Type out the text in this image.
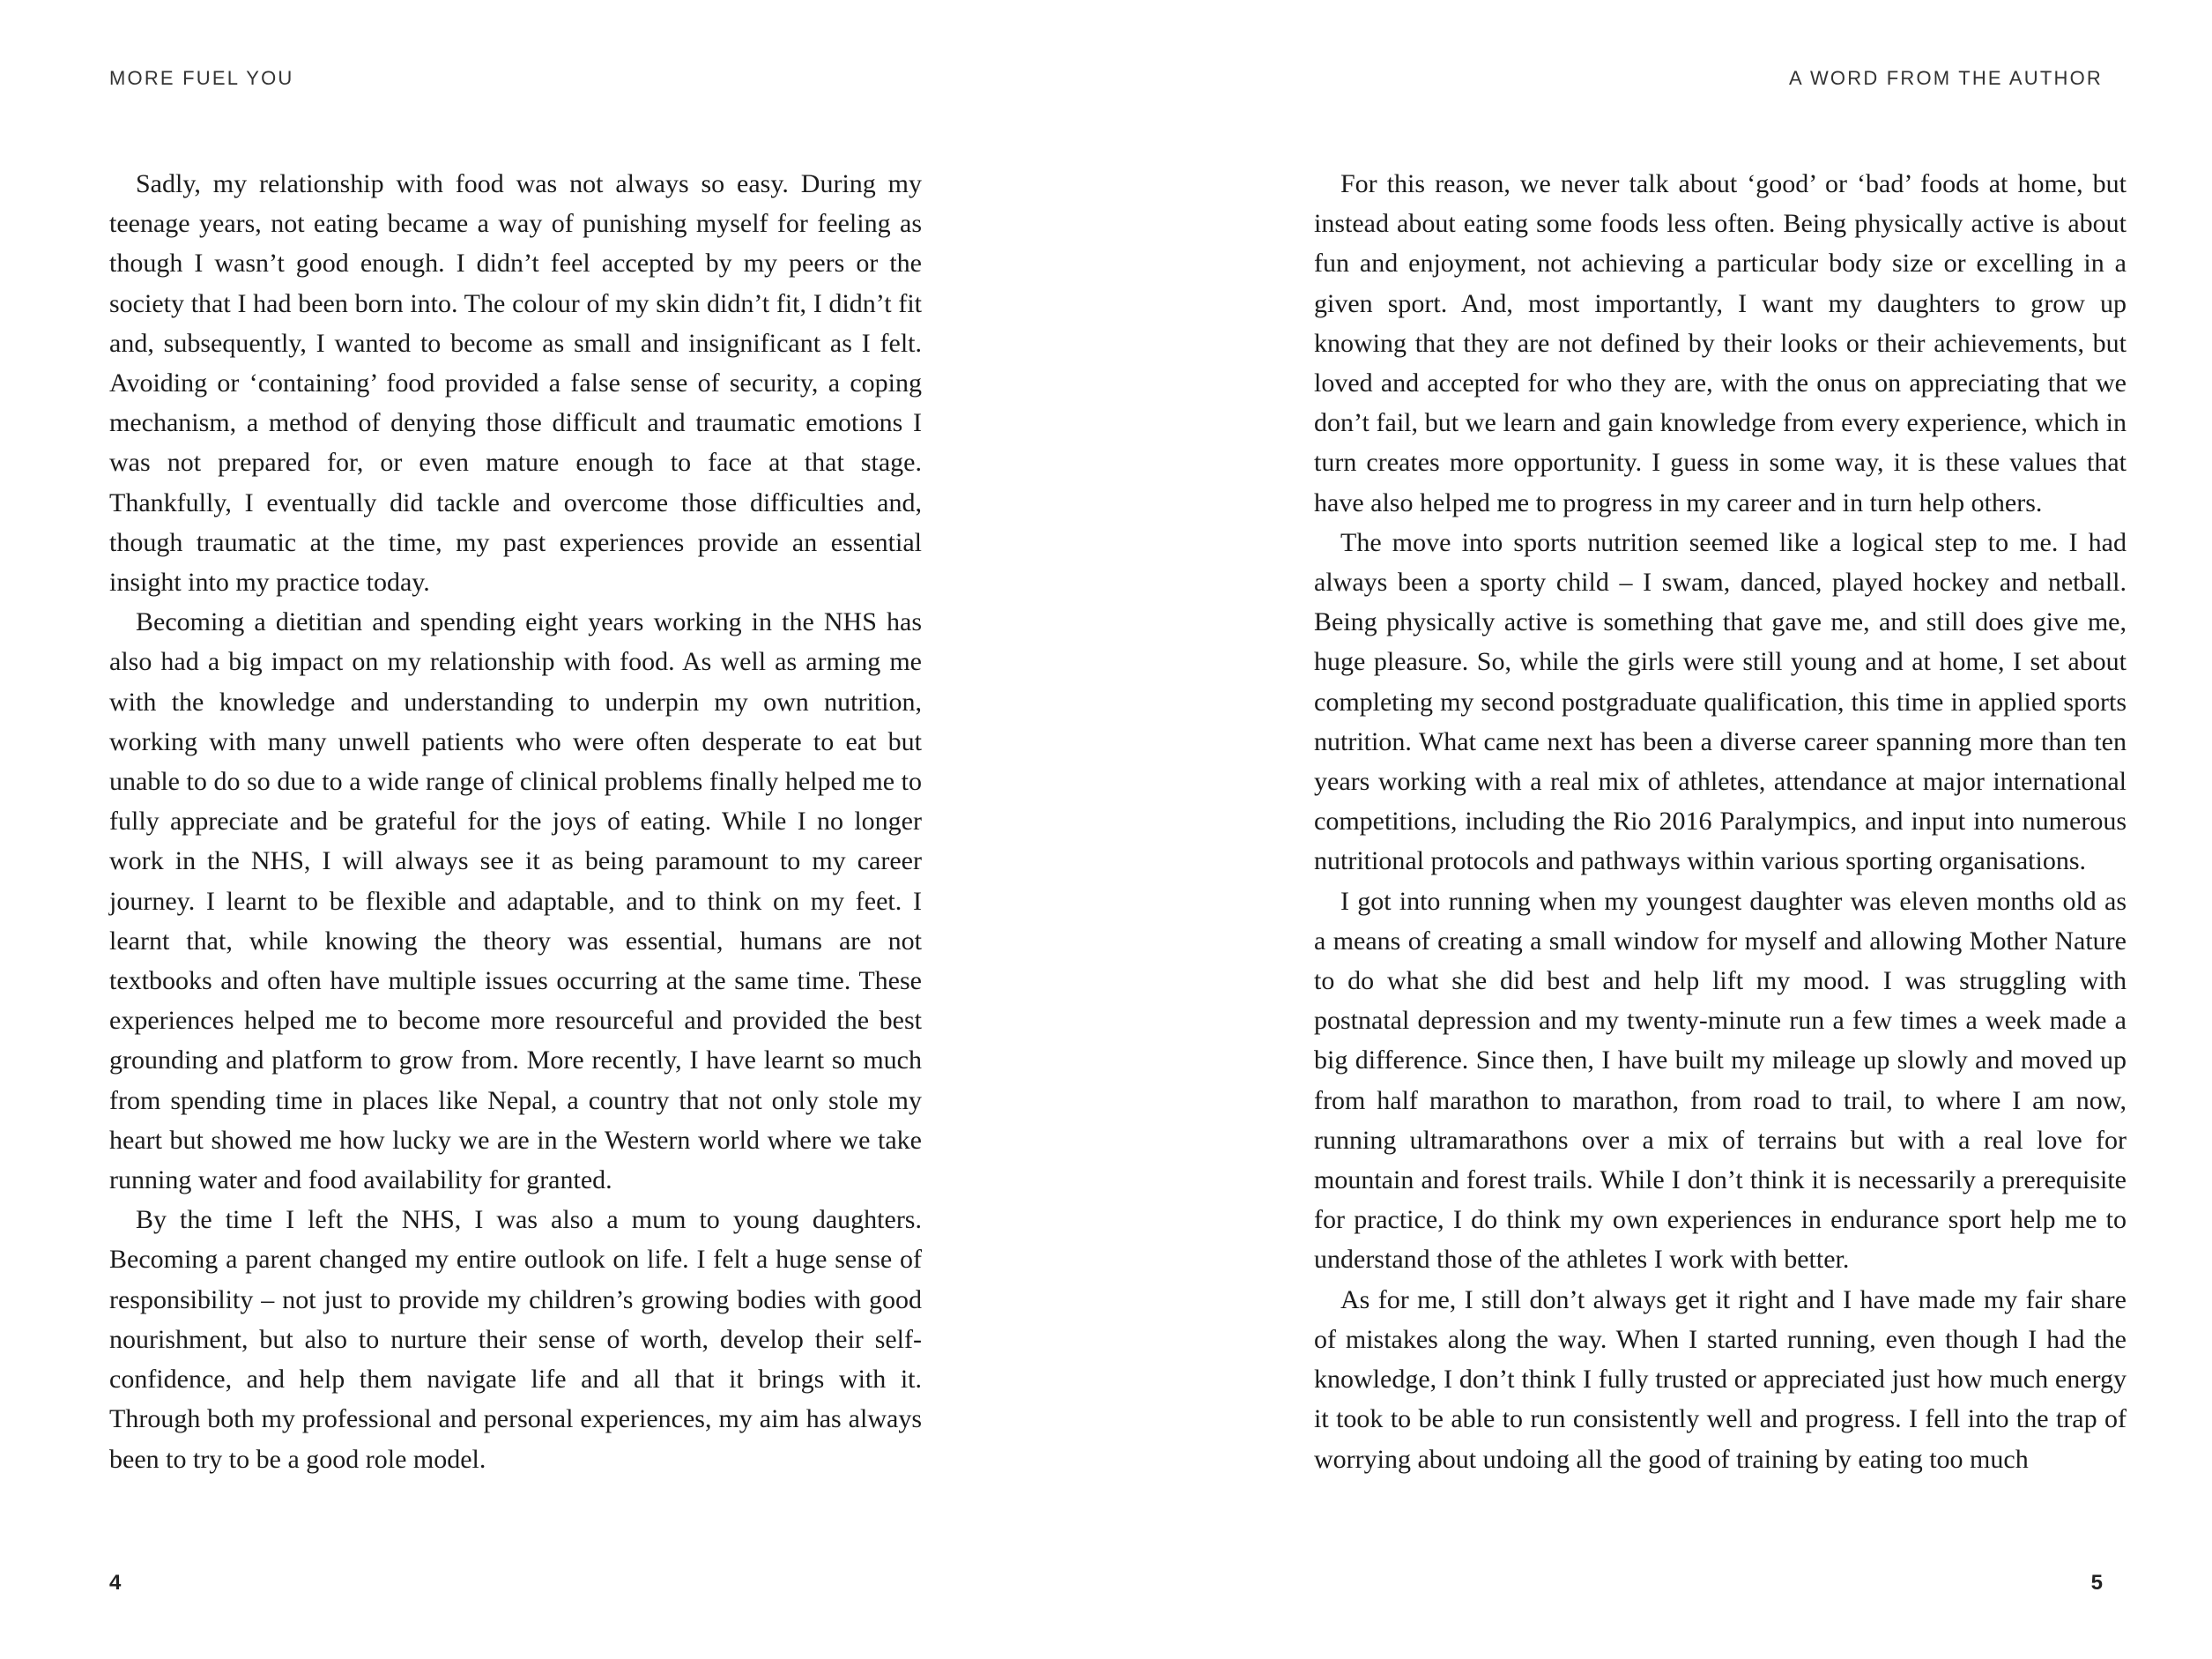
MORE FUEL YOU

Sadly, my relationship with food was not always so easy. During my teenage years, not eating became a way of punishing myself for feeling as though I wasn’t good enough. I didn’t feel accepted by my peers or the society that I had been born into. The colour of my skin didn’t fit, I didn’t fit and, subsequently, I wanted to become as small and insignificant as I felt. Avoiding or ‘containing’ food provided a false sense of security, a coping mechanism, a method of denying those difficult and traumatic emotions I was not prepared for, or even mature enough to face at that stage. Thankfully, I eventually did tackle and overcome those difficulties and, though traumatic at the time, my past experiences provide an essential insight into my practice today.

Becoming a dietitian and spending eight years working in the NHS has also had a big impact on my relationship with food. As well as arming me with the knowledge and understanding to underpin my own nutrition, working with many unwell patients who were often desperate to eat but unable to do so due to a wide range of clinical problems finally helped me to fully appreciate and be grateful for the joys of eating. While I no longer work in the NHS, I will always see it as being paramount to my career journey. I learnt to be flexible and adaptable, and to think on my feet. I learnt that, while knowing the theory was essential, humans are not textbooks and often have multiple issues occurring at the same time. These experiences helped me to become more resourceful and provided the best grounding and platform to grow from. More recently, I have learnt so much from spending time in places like Nepal, a country that not only stole my heart but showed me how lucky we are in the Western world where we take running water and food availability for granted.

By the time I left the NHS, I was also a mum to young daughters. Becoming a parent changed my entire outlook on life. I felt a huge sense of responsibility – not just to provide my children’s growing bodies with good nourishment, but also to nurture their sense of worth, develop their self-confidence, and help them navigate life and all that it brings with it. Through both my professional and personal experiences, my aim has always been to try to be a good role model.

4
A WORD FROM THE AUTHOR

For this reason, we never talk about ‘good’ or ‘bad’ foods at home, but instead about eating some foods less often. Being physically active is about fun and enjoyment, not achieving a particular body size or excelling in a given sport. And, most importantly, I want my daughters to grow up knowing that they are not defined by their looks or their achievements, but loved and accepted for who they are, with the onus on appreciating that we don’t fail, but we learn and gain knowledge from every experience, which in turn creates more opportunity. I guess in some way, it is these values that have also helped me to progress in my career and in turn help others.

The move into sports nutrition seemed like a logical step to me. I had always been a sporty child – I swam, danced, played hockey and netball. Being physically active is something that gave me, and still does give me, huge pleasure. So, while the girls were still young and at home, I set about completing my second postgraduate qualification, this time in applied sports nutrition. What came next has been a diverse career spanning more than ten years working with a real mix of athletes, attendance at major international competitions, including the Rio 2016 Paralympics, and input into numerous nutritional protocols and pathways within various sporting organisations.

I got into running when my youngest daughter was eleven months old as a means of creating a small window for myself and allowing Mother Nature to do what she did best and help lift my mood. I was struggling with postnatal depression and my twenty-minute run a few times a week made a big difference. Since then, I have built my mileage up slowly and moved up from half marathon to marathon, from road to trail, to where I am now, running ultramarathons over a mix of terrains but with a real love for mountain and forest trails. While I don’t think it is necessarily a prerequisite for practice, I do think my own experiences in endurance sport help me to understand those of the athletes I work with better.

As for me, I still don’t always get it right and I have made my fair share of mistakes along the way. When I started running, even though I had the knowledge, I don’t think I fully trusted or appreciated just how much energy it took to be able to run consistently well and progress. I fell into the trap of worrying about undoing all the good of training by eating too much

5
